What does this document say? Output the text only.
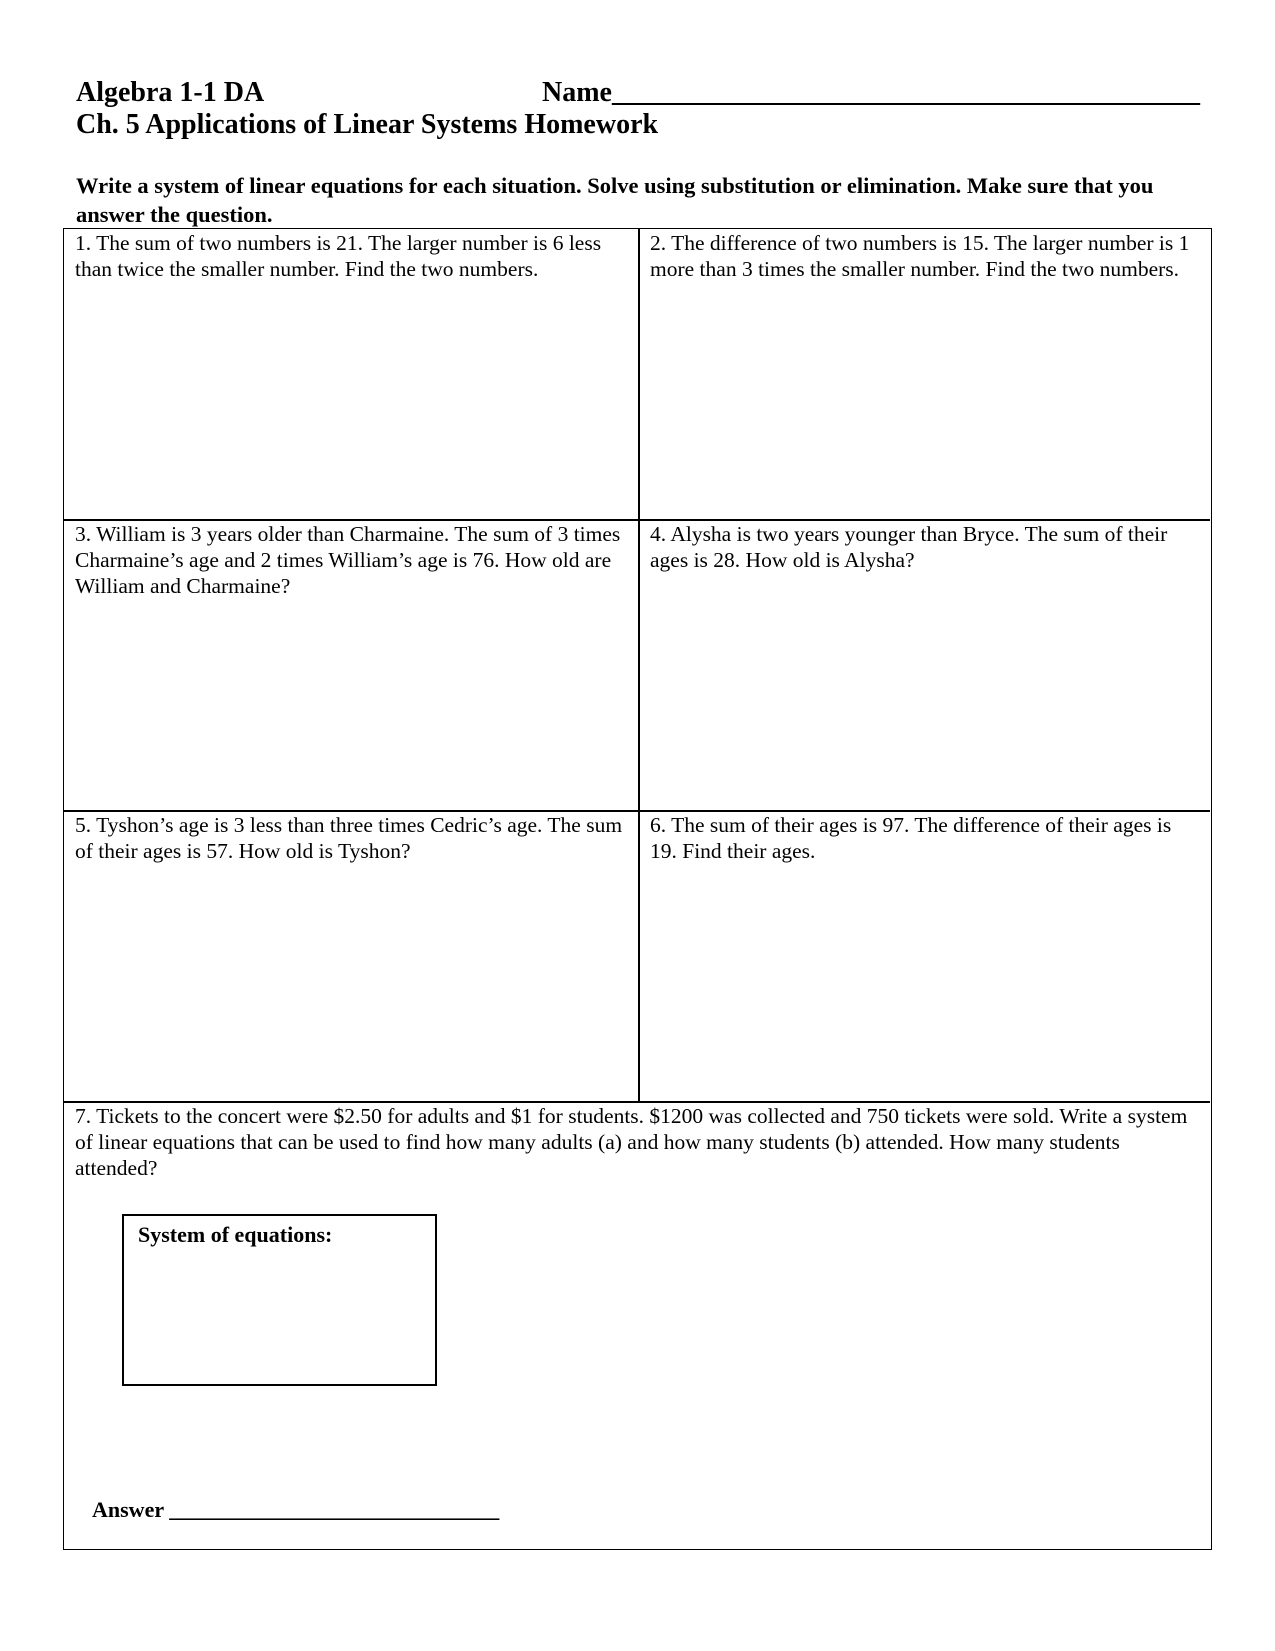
Algebra 1-1 DA	Name__________________________________________
Ch. 5 Applications of Linear Systems Homework
Write a system of linear equations for each situation. Solve using substitution or elimination. Make sure that you answer the question.
1. The sum of two numbers is 21. The larger number is 6 less than twice the smaller number. Find the two numbers.
2. The difference of two numbers is 15. The larger number is 1 more than 3 times the smaller number. Find the two numbers.
3. William is 3 years older than Charmaine. The sum of 3 times Charmaine’s age and 2 times William’s age is 76. How old are William and Charmaine?
4. Alysha is two years younger than Bryce. The sum of their ages is 28. How old is Alysha?
5. Tyshon’s age is 3 less than three times Cedric’s age. The sum of their ages is 57. How old is Tyshon?
6. The sum of their ages is 97. The difference of their ages is 19. Find their ages.
7. Tickets to the concert were $2.50 for adults and $1 for students. $1200 was collected and 750 tickets were sold. Write a system of linear equations that can be used to find how many adults (a) and how many students (b) attended. How many students attended?
System of equations:
Answer ______________________________
